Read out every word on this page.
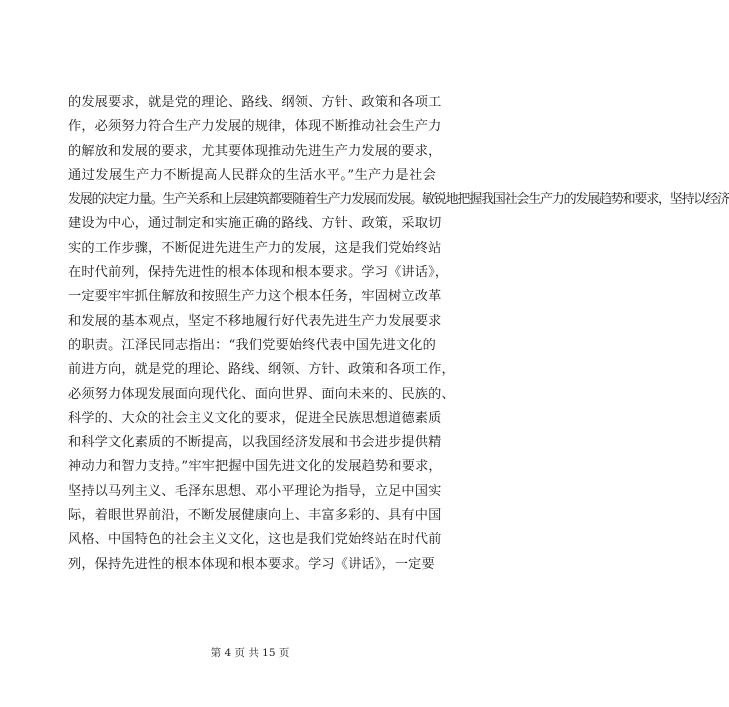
的发展要求，就是党的理论、路线、纲领、方针、政策和各项工
作，必须努力符合生产力发展的规律，体现不断推动社会生产力
的解放和发展的要求，尤其要体现推动先进生产力发展的要求，
通过发展生产力不断提高人民群众的生活水平。”生产力是社会
发展的决定力量。生产关系和上层建筑都要随着生产力发展而发展。敏锐地把握我国社会生产力的发展趋势和要求，坚持以经济
建设为中心，通过制定和实施正确的路线、方针、政策，采取切
实的工作步骤，不断促进先进生产力的发展，这是我们党始终站
在时代前列，保持先进性的根本体现和根本要求。学习《讲话》，
一定要牢牢抓住解放和按照生产力这个根本任务，牢固树立改革
和发展的基本观点，坚定不移地履行好代表先进生产力发展要求
的职责。江泽民同志指出：“我们党要始终代表中国先进文化的
前进方向，就是党的理论、路线、纲领、方针、政策和各项工作，
必须努力体现发展面向现代化、面向世界、面向未来的、民族的、
科学的、大众的社会主义文化的要求，促进全民族思想道德素质
和科学文化素质的不断提高，以我国经济发展和书会进步提供精
神动力和智力支持。”牢牢把握中国先进文化的发展趋势和要求，
坚持以马列主义、毛泽东思想、邓小平理论为指导，立足中国实
际，着眼世界前沿，不断发展健康向上、丰富多彩的、具有中国
风格、中国特色的社会主义文化，这也是我们党始终站在时代前
列，保持先进性的根本体现和根本要求。学习《讲话》，一定要
第 4 页 共 15 页
